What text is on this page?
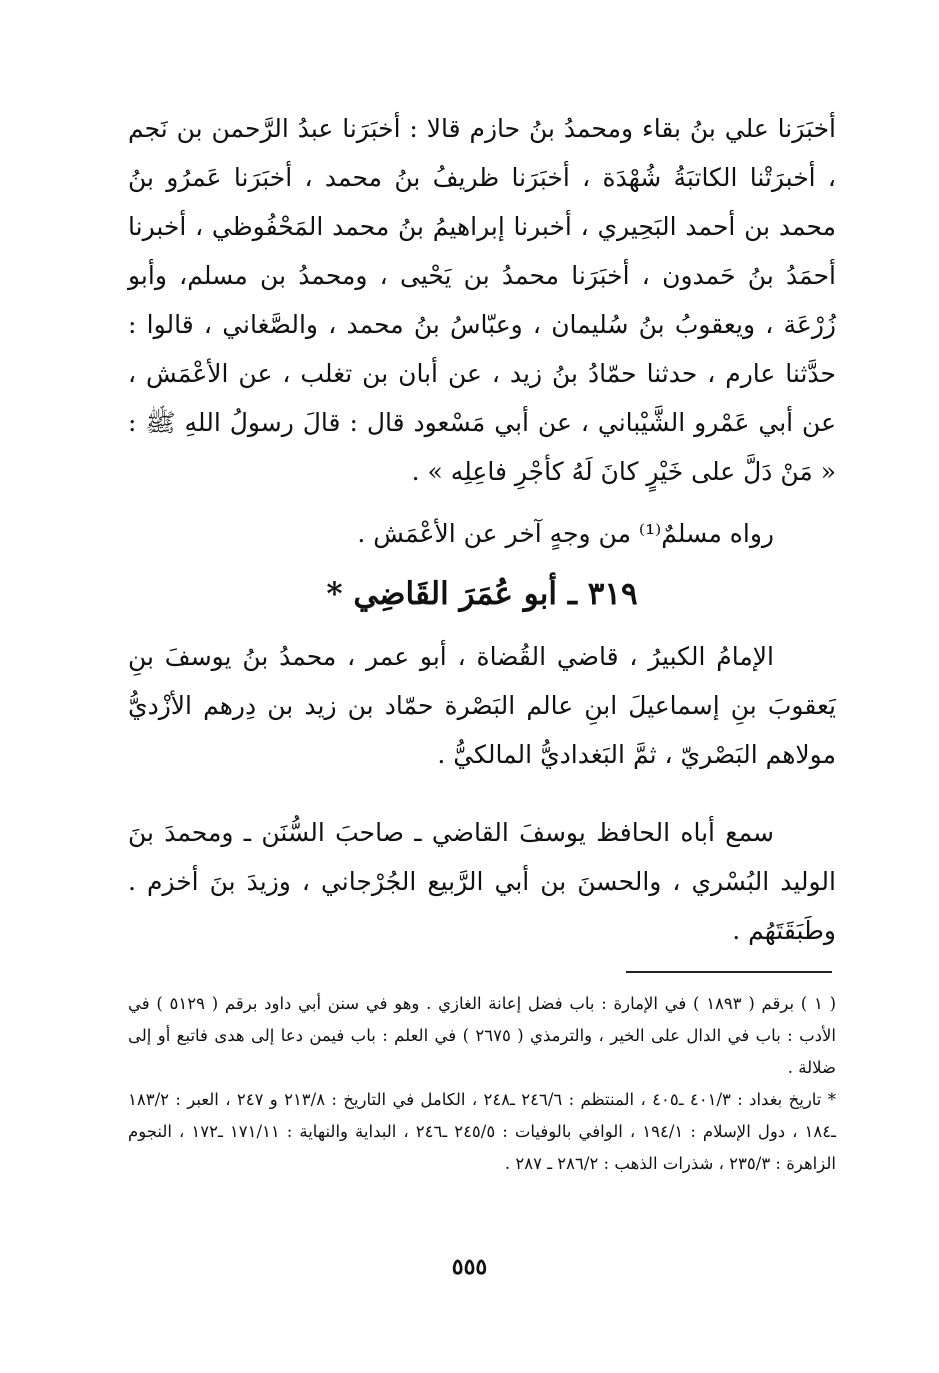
أخبَرَنا علي بنُ بقاء ومحمدُ بنُ حازم قالا : أخبَرَنا عبدُ الرَّحمن بن نَجم ، أخبرَتْنا الكاتبَةُ شُهْدَة ، أخبَرَنا ظريفُ بنُ محمد ، أخبَرَنا عَمرُو بنُ محمد بن أحمد البَحِيري ، أخبرنا إبراهيمُ بنُ محمد المَحْفُوظي ، أخبرنا أحمَدُ بنُ حَمدون ، أخبَرَنا محمدُ بن يَحْيى ، ومحمدُ بن مسلم، وأبو زُرْعَة ، ويعقوبُ بنُ سُليمان ، وعبّاسُ بنُ محمد ، والصَّغاني ، قالوا : حدَّثنا عارم ، حدثنا حمّادُ بنُ زيد ، عن أبان بن تغلب ، عن الأعْمَش ، عن أبي عَمْرو الشَّيْباني ، عن أبي مَسْعود قال : قالَ رسولُ اللهِ ﷺ : « مَنْ دَلَّ على خَيْرٍ كانَ لَهُ كأجْرِ فاعِلِه » .

رواه مسلمٌ⁽¹⁾ من وجهٍ آخر عن الأعْمَش .

٣١٩ ـ أبو عُمَرَ القَاضِي *

الإمامُ الكبيرُ ، قاضي القُضاة ، أبو عمر ، محمدُ بنُ يوسفَ بنِ يَعقوبَ بنِ إسماعيلَ ابنِ عالم البَصْرة حمّاد بن زيد بن دِرهم الأزْديُّ مولاهم البَصْريّ ، ثمَّ البَغداديُّ المالكيُّ .

سمع أباه الحافظ يوسفَ القاضي ـ صاحبَ السُّنَن ـ ومحمدَ بنَ الوليد البُسْري ، والحسنَ بن أبي الرَّبيع الجُرْجاني ، وزيدَ بنَ أخزم . وطَبَقَتَهُم .

( ١ ) برقم ( ١٨٩٣ ) في الإمارة : باب فضل إعانة الغازي . وهو في سنن أبي داود برقم ( ٥١٢٩ ) في الأدب : باب في الدال على الخير ، والترمذي ( ٢٦٧٥ ) في العلم : باب فيمن دعا إلى هدى فاتبع أو إلى ضلالة .

* تاريخ بغداد : ٤٠١/٣ ـ٤٠٥ ، المنتظم : ٢٤٦/٦ ـ٢٤٨ ، الكامل في التاريخ : ٢١٣/٨ و ٢٤٧ ، العبر : ١٨٣/٢ ـ١٨٤ ، دول الإسلام : ١٩٤/١ ، الوافي بالوفيات : ٢٤٥/٥ ـ٢٤٦ ، البداية والنهاية : ١٧١/١١ ـ١٧٢ ، النجوم الزاهرة : ٢٣٥/٣ ، شذرات الذهب : ٢٨٦/٢ ـ ٢٨٧ .

٥٥٥
